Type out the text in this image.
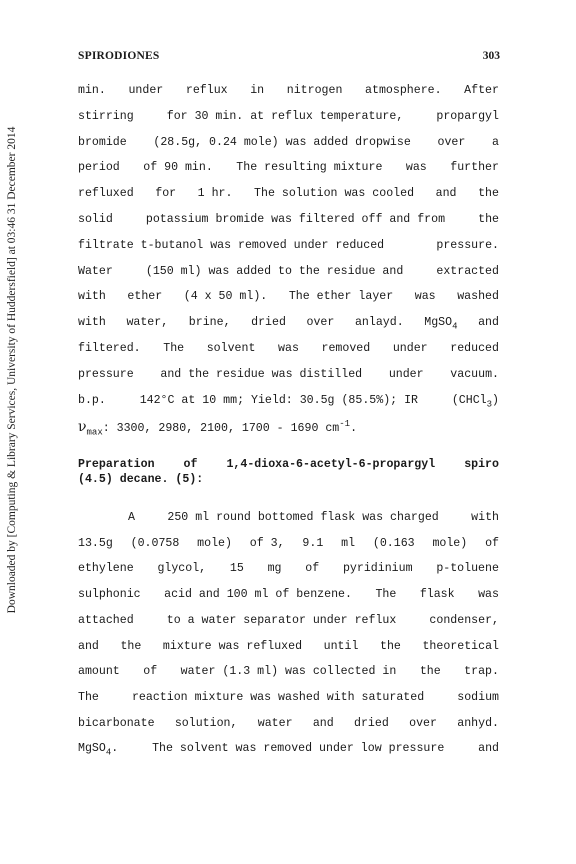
Downloaded by [Computing & Library Services, University of Huddersfield] at 03:46 31 December 2014
SPIRODIONES	303
min. under reflux in nitrogen atmosphere. After
stirring	for 30 min. at reflux temperature,	propargyl
bromide (28.5g, 0.24 mole) was added dropwise over a
period of 90 min. The resulting mixture was further
refluxed for 1 hr. The solution was cooled and the
solid	potassium bromide was filtered off and from	the
filtrate t-butanol was removed under reduced	pressure.
Water	(150 ml) was added to the residue and	extracted
with ether (4 x 50 ml). The ether layer was washed
with water, brine, dried over anlayd. MgSO$_4$ and
filtered. The solvent was removed under reduced
pressure and the residue was distilled under vacuum.
b.p.	142°C at 10 mm; Yield: 30.5g (85.5%); IR	(CHCl$_3$)
$\nu_{max}$: 3300, 2980, 2100, 1700 - 1690 $cm^{-1}$.
Preparation	of	1,4-dioxa-6-acetyl-6-propargyl	spiro
(4.5) decane. (5):
A	250 ml round bottomed flask was charged	with
13.5g (0.0758 mole) of 3, 9.1 ml (0.163 mole) of
ethylene glycol, 15 mg of pyridinium p-toluene
sulphonic acid and 100 ml of benzene. The flask was
attached	to a water separator under reflux	condenser,
and the mixture was refluxed until the theoretical
amount of water (1.3 ml) was collected in the trap.
The	reaction mixture was washed with saturated	sodium
bicarbonate solution, water and dried over anhyd.
MgSO$_4$.	The solvent was removed under low pressure	and
